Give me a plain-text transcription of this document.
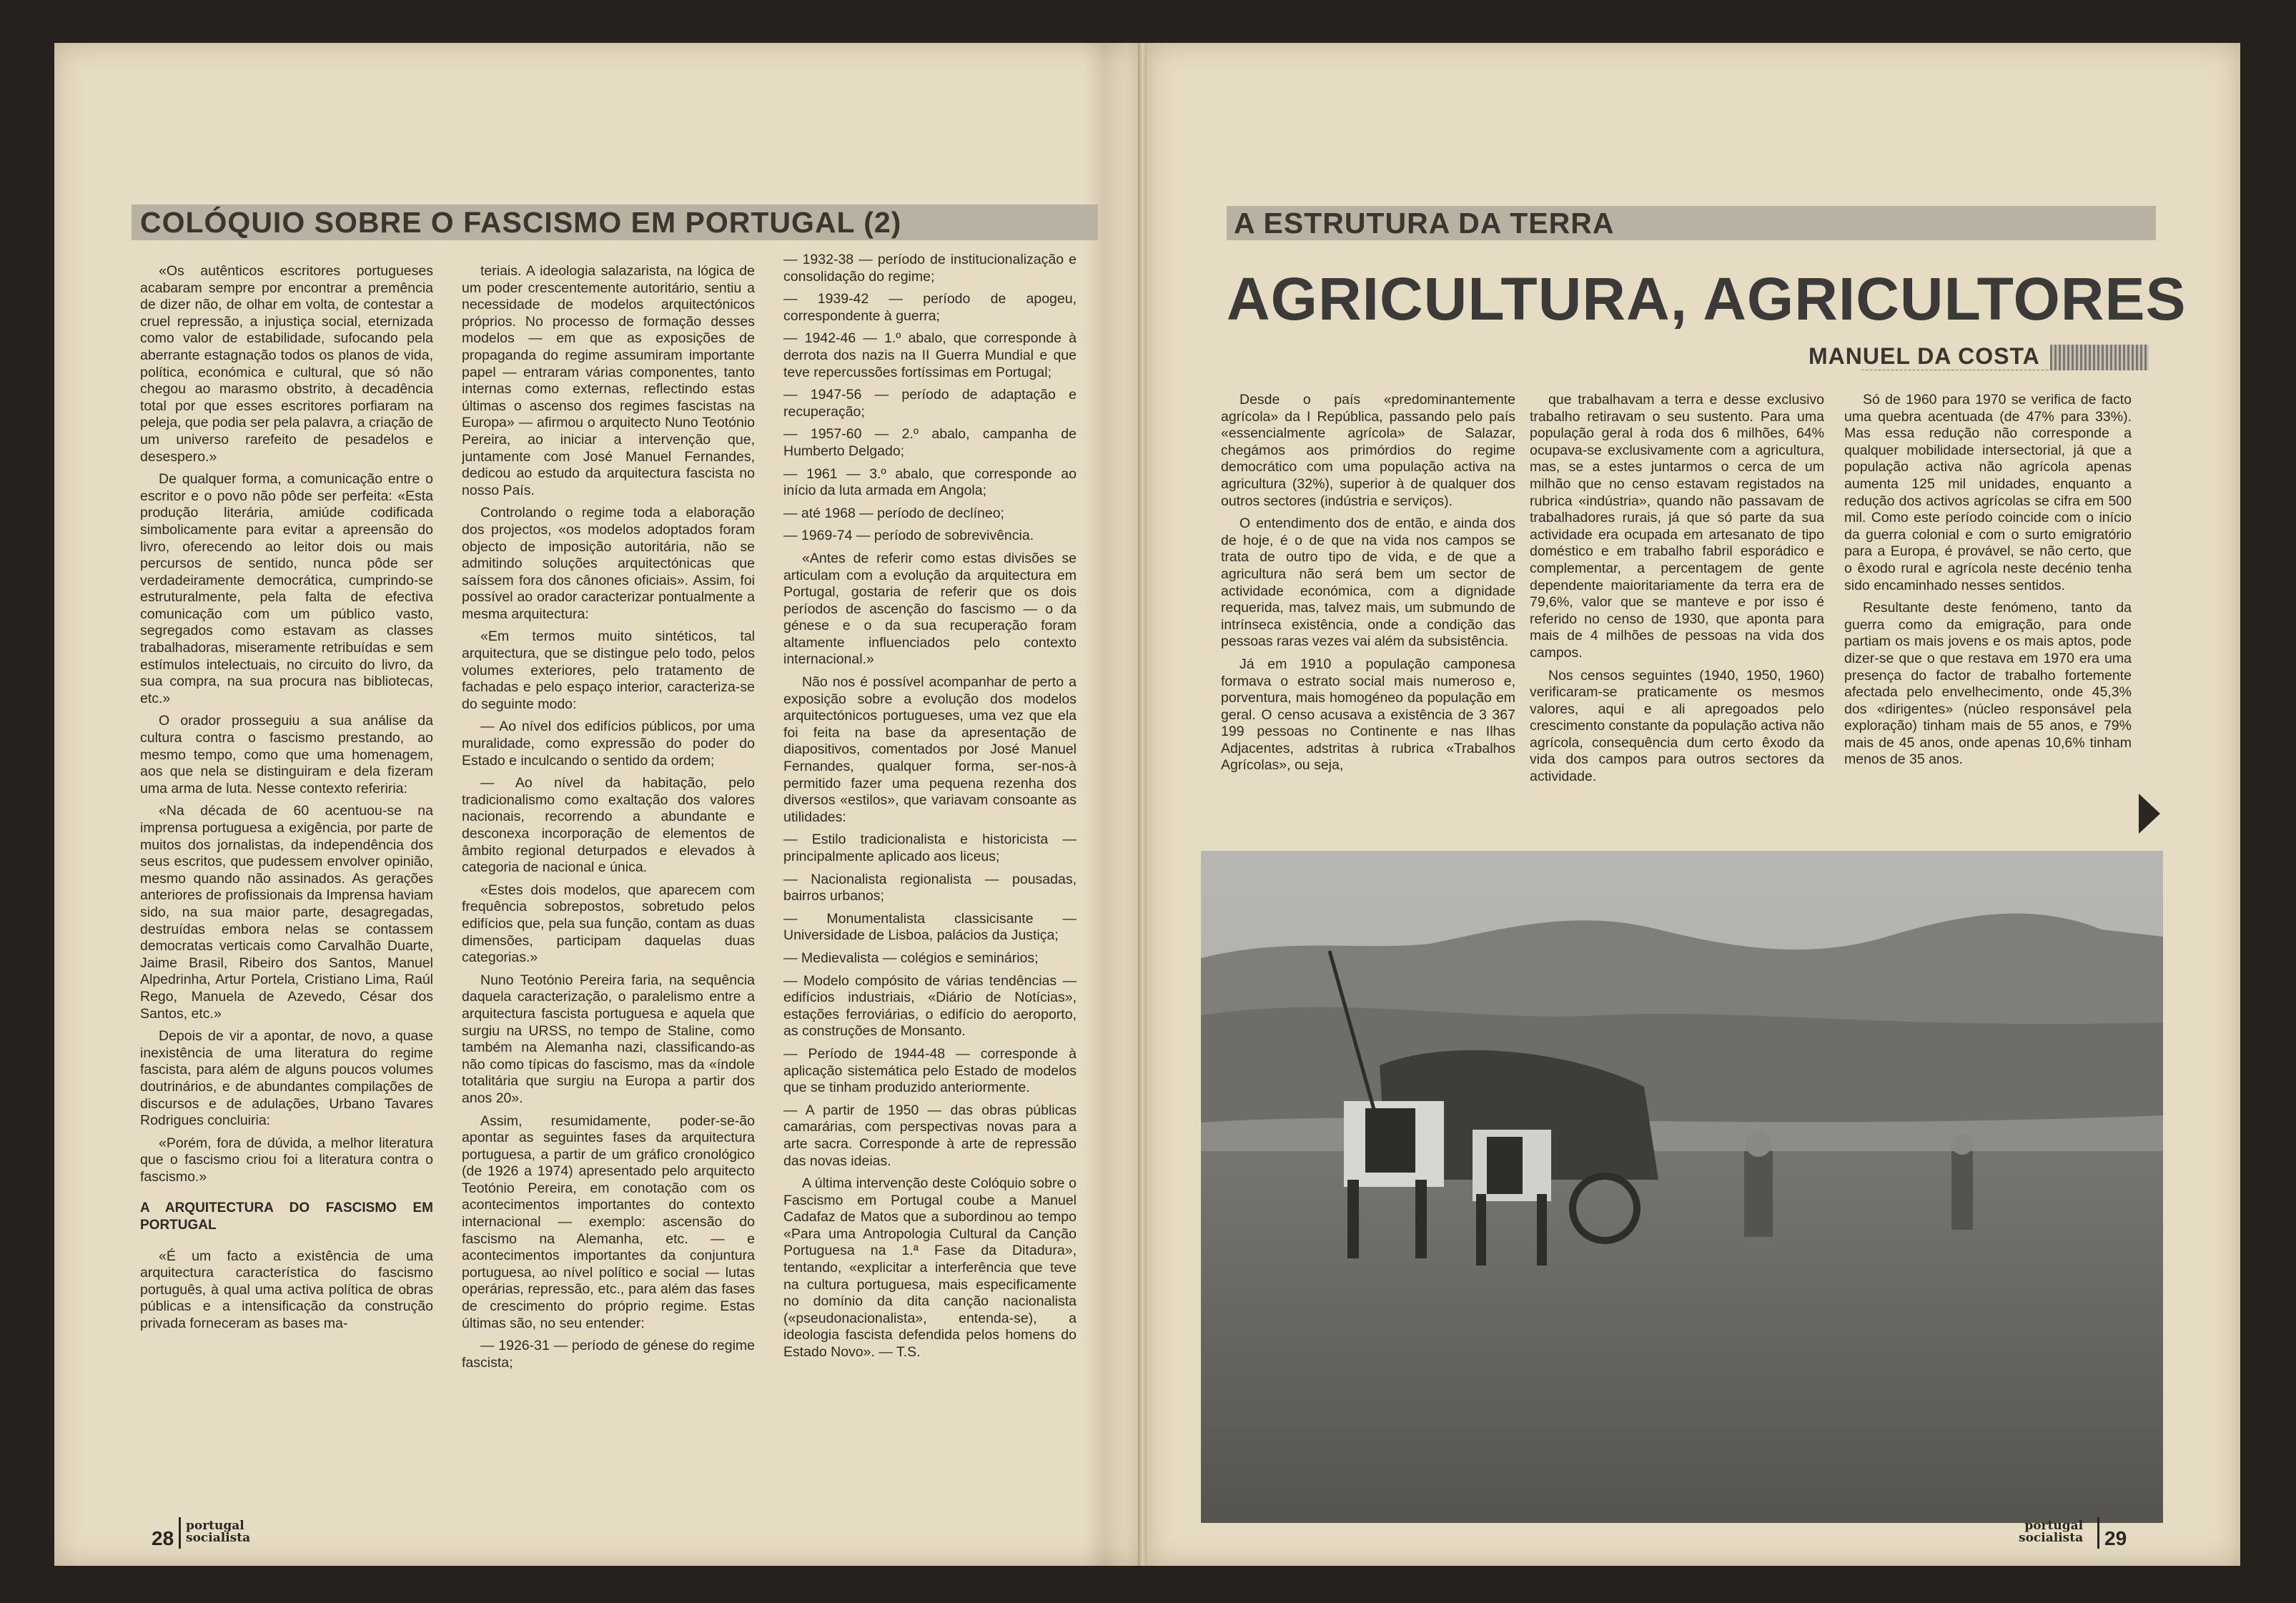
COLÓQUIO SOBRE O FASCISMO EM PORTUGAL (2)

«Os autênticos escritores portugueses acabaram sempre por encontrar a premência de dizer não, de olhar em volta, de contestar a cruel repressão, a injustiça social, eternizada como valor de estabilidade, sufocando pela aberrante estagnação todos os planos de vida, política, económica e cultural, que só não chegou ao marasmo obstrito, à decadência total por que esses escritores porfiaram na peleja, que podia ser pela palavra, a criação de um universo rarefeito de pesadelos e desespero.»

De qualquer forma, a comunicação entre o escritor e o povo não pôde ser perfeita: «Esta produção literária, amiúde codificada simbolicamente para evitar a apreensão do livro, oferecendo ao leitor dois ou mais percursos de sentido, nunca pôde ser verdadeiramente democrática, cumprindo-se estruturalmente, pela falta de efectiva comunicação com um público vasto, segregados como estavam as classes trabalhadoras, miseramente retribuídas e sem estímulos intelectuais, no circuito do livro, da sua compra, na sua procura nas bibliotecas, etc.»

O orador prosseguiu a sua análise da cultura contra o fascismo prestando, ao mesmo tempo, como que uma homenagem, aos que nela se distinguiram e dela fizeram uma arma de luta. Nesse contexto referiria:

«Na década de 60 acentuou-se na imprensa portuguesa a exigência, por parte de muitos dos jornalistas, da independência dos seus escritos, que pudessem envolver opinião, mesmo quando não assinados. As gerações anteriores de profissionais da Imprensa haviam sido, na sua maior parte, desagregadas, destruídas embora nelas se contassem democratas verticais como Carvalhão Duarte, Jaime Brasil, Ribeiro dos Santos, Manuel Alpedrinha, Artur Portela, Cristiano Lima, Raúl Rego, Manuela de Azevedo, César dos Santos, etc.»

Depois de vir a apontar, de novo, a quase inexistência de uma literatura do regime fascista, para além de alguns poucos volumes doutrinários, e de abundantes compilações de discursos e de adulações, Urbano Tavares Rodrigues concluiria:

«Porém, fora de dúvida, a melhor literatura que o fascismo criou foi a literatura contra o fascismo.»

A ARQUITECTURA DO FASCISMO EM PORTUGAL

«É um facto a existência de uma arquitectura característica do fascismo português, à qual uma activa política de obras públicas e a intensificação da construção privada forneceram as bases ma-

teriais. A ideologia salazarista, na lógica de um poder crescentemente autoritário, sentiu a necessidade de modelos arquitectónicos próprios. No processo de formação desses modelos — em que as exposições de propaganda do regime assumiram importante papel — entraram várias componentes, tanto internas como externas, reflectindo estas últimas o ascenso dos regimes fascistas na Europa» — afirmou o arquitecto Nuno Teotónio Pereira, ao iniciar a intervenção que, juntamente com José Manuel Fernandes, dedicou ao estudo da arquitectura fascista no nosso País.

Controlando o regime toda a elaboração dos projectos, «os modelos adoptados foram objecto de imposição autoritária, não se admitindo soluções arquitectónicas que saíssem fora dos cânones oficiais». Assim, foi possível ao orador caracterizar pontualmente a mesma arquitectura:

«Em termos muito sintéticos, tal arquitectura, que se distingue pelo todo, pelos volumes exteriores, pelo tratamento de fachadas e pelo espaço interior, caracteriza-se do seguinte modo:

— Ao nível dos edifícios públicos, por uma muralidade, como expressão do poder do Estado e inculcando o sentido da ordem;

— Ao nível da habitação, pelo tradicionalismo como exaltação dos valores nacionais, recorrendo a abundante e desconexa incorporação de elementos de âmbito regional deturpados e elevados à categoria de nacional e única.

«Estes dois modelos, que aparecem com frequência sobrepostos, sobretudo pelos edifícios que, pela sua função, contam as duas dimensões, participam daquelas duas categorias.»

Nuno Teotónio Pereira faria, na sequência daquela caracterização, o paralelismo entre a arquitectura fascista portuguesa e aquela que surgiu na URSS, no tempo de Staline, como também na Alemanha nazi, classificando-as não como típicas do fascismo, mas da «índole totalitária que surgiu na Europa a partir dos anos 20».

Assim, resumidamente, poder-se-ão apontar as seguintes fases da arquitectura portuguesa, a partir de um gráfico cronológico (de 1926 a 1974) apresentado pelo arquitecto Teotónio Pereira, em conotação com os acontecimentos importantes do contexto internacional — exemplo: ascensão do fascismo na Alemanha, etc. — e acontecimentos importantes da conjuntura portuguesa, ao nível político e social — lutas operárias, repressão, etc., para além das fases de crescimento do próprio regime. Estas últimas são, no seu entender:

— 1926-31 — período de génese do regime fascista;

— 1932-38 — período de institucionalização e consolidação do regime;

— 1939-42 — período de apogeu, correspondente à guerra;

— 1942-46 — 1.º abalo, que corresponde à derrota dos nazis na II Guerra Mundial e que teve repercussões fortíssimas em Portugal;

— 1947-56 — período de adaptação e recuperação;

— 1957-60 — 2.º abalo, campanha de Humberto Delgado;

— 1961 — 3.º abalo, que corresponde ao início da luta armada em Angola;

— até 1968 — período de declíneo;

— 1969-74 — período de sobrevivência.

«Antes de referir como estas divisões se articulam com a evolução da arquitectura em Portugal, gostaria de referir que os dois períodos de ascenção do fascismo — o da génese e o da sua recuperação foram altamente influenciados pelo contexto internacional.»

Não nos é possível acompanhar de perto a exposição sobre a evolução dos modelos arquitectónicos portugueses, uma vez que ela foi feita na base da apresentação de diapositivos, comentados por José Manuel Fernandes, qualquer forma, ser-nos-à permitido fazer uma pequena rezenha dos diversos «estilos», que variavam consoante as utilidades:

— Estilo tradicionalista e historicista — principalmente aplicado aos liceus;

— Nacionalista regionalista — pousadas, bairros urbanos;

— Monumentalista classicisante — Universidade de Lisboa, palácios da Justiça;

— Medievalista — colégios e seminários;

— Modelo compósito de várias tendências — edifícios industriais, «Diário de Notícias», estações ferroviárias, o edifício do aeroporto, as construções de Monsanto.

— Período de 1944-48 — corresponde à aplicação sistemática pelo Estado de modelos que se tinham produzido anteriormente.

— A partir de 1950 — das obras públicas camarárias, com perspectivas novas para a arte sacra. Corresponde à arte de repressão das novas ideias.

A última intervenção deste Colóquio sobre o Fascismo em Portugal coube a Manuel Cadafaz de Matos que a subordinou ao tempo «Para uma Antropologia Cultural da Canção Portuguesa na 1.ª Fase da Ditadura», tentando, «explicitar a interferência que teve na cultura portuguesa, mais especificamente no domínio da dita canção nacionalista («pseudonacionalista», entenda-se), a ideologia fascista defendida pelos homens do Estado Novo». — T.S.

28
portugal
socialista
A ESTRUTURA DA TERRA
AGRICULTURA, AGRICULTORES
MANUEL DA COSTA

Desde o país «predominantemente agrícola» da I República, passando pelo país «essencialmente agrícola» de Salazar, chegámos aos primórdios do regime democrático com uma população activa na agricultura (32%), superior à de qualquer dos outros sectores (indústria e serviços).

O entendimento dos de então, e ainda dos de hoje, é o de que na vida nos campos se trata de outro tipo de vida, e de que a agricultura não será bem um sector de actividade económica, com a dignidade requerida, mas, talvez mais, um submundo de intrínseca existência, onde a condição das pessoas raras vezes vai além da subsistência.

Já em 1910 a população camponesa formava o estrato social mais numeroso e, porventura, mais homogéneo da população em geral. O censo acusava a existência de 3 367 199 pessoas no Continente e nas Ilhas Adjacentes, adstritas à rubrica «Trabalhos Agrícolas», ou seja,

que trabalhavam a terra e desse exclusivo trabalho retiravam o seu sustento. Para uma população geral à roda dos 6 milhões, 64% ocupava-se exclusivamente com a agricultura, mas, se a estes juntarmos o cerca de um milhão que no censo estavam registados na rubrica «indústria», quando não passavam de trabalhadores rurais, já que só parte da sua actividade era ocupada em artesanato de tipo doméstico e em trabalho fabril esporádico e complementar, a percentagem de gente dependente maioritariamente da terra era de 79,6%, valor que se manteve e por isso é referido no censo de 1930, que aponta para mais de 4 milhões de pessoas na vida dos campos.

Nos censos seguintes (1940, 1950, 1960) verificaram-se praticamente os mesmos valores, aqui e ali apregoados pelo crescimento constante da população activa não agrícola, consequência dum certo êxodo da vida dos campos para outros sectores da actividade.

Só de 1960 para 1970 se verifica de facto uma quebra acentuada (de 47% para 33%). Mas essa redução não corresponde a qualquer mobilidade intersectorial, já que a população activa não agrícola apenas aumenta 125 mil unidades, enquanto a redução dos activos agrícolas se cifra em 500 mil. Como este período coincide com o início da guerra colonial e com o surto emigratório para a Europa, é provável, se não certo, que o êxodo rural e agrícola neste decénio tenha sido encaminhado nesses sentidos.

Resultante deste fenómeno, tanto da guerra como da emigração, para onde partiam os mais jovens e os mais aptos, pode dizer-se que o que restava em 1970 era uma presença do factor de trabalho fortemente afectada pelo envelhecimento, onde 45,3% dos «dirigentes» (núcleo responsável pela exploração) tinham mais de 55 anos, e 79% mais de 45 anos, onde apenas 10,6% tinham menos de 35 anos.

portugal
socialista 29
